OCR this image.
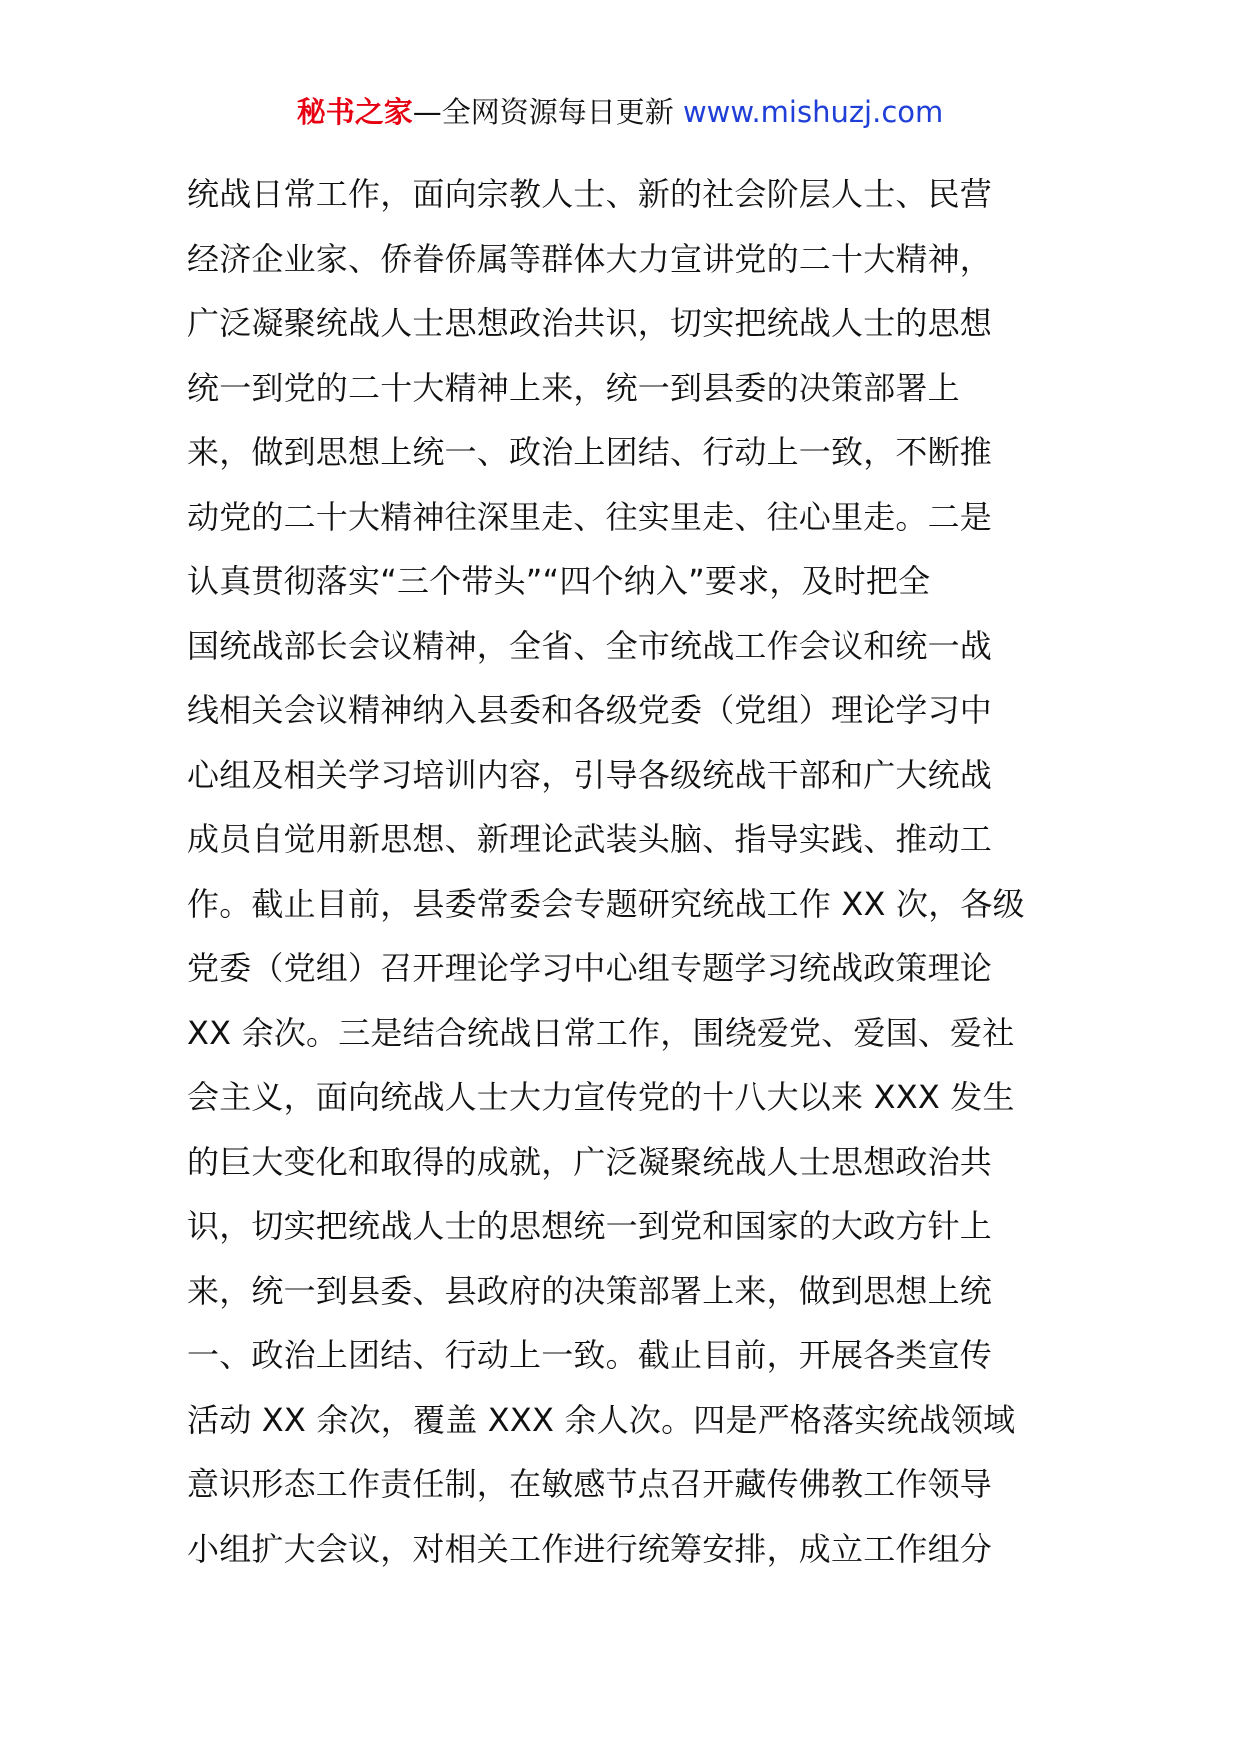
秘书之家—全网资源每日更新 www.mishuzj.com
统战日常工作，面向宗教人士、新的社会阶层人士、民营
经济企业家、侨眷侨属等群体大力宣讲党的二十大精神，
广泛凝聚统战人士思想政治共识，切实把统战人士的思想
统一到党的二十大精神上来，统一到县委的决策部署上
来，做到思想上统一、政治上团结、行动上一致，不断推
动党的二十大精神往深里走、往实里走、往心里走。二是
认真贯彻落实“三个带头”“四个纳入”要求，及时把全
国统战部长会议精神，全省、全市统战工作会议和统一战
线相关会议精神纳入县委和各级党委（党组）理论学习中
心组及相关学习培训内容，引导各级统战干部和广大统战
成员自觉用新思想、新理论武装头脑、指导实践、推动工
作。截止目前，县委常委会专题研究统战工作 XX 次，各级
党委（党组）召开理论学习中心组专题学习统战政策理论
XX 余次。三是结合统战日常工作，围绕爱党、爱国、爱社
会主义，面向统战人士大力宣传党的十八大以来 XXX 发生
的巨大变化和取得的成就，广泛凝聚统战人士思想政治共
识，切实把统战人士的思想统一到党和国家的大政方针上
来，统一到县委、县政府的决策部署上来，做到思想上统
一、政治上团结、行动上一致。截止目前，开展各类宣传
活动 XX 余次，覆盖 XXX 余人次。四是严格落实统战领域
意识形态工作责任制，在敏感节点召开藏传佛教工作领导
小组扩大会议，对相关工作进行统筹安排，成立工作组分
